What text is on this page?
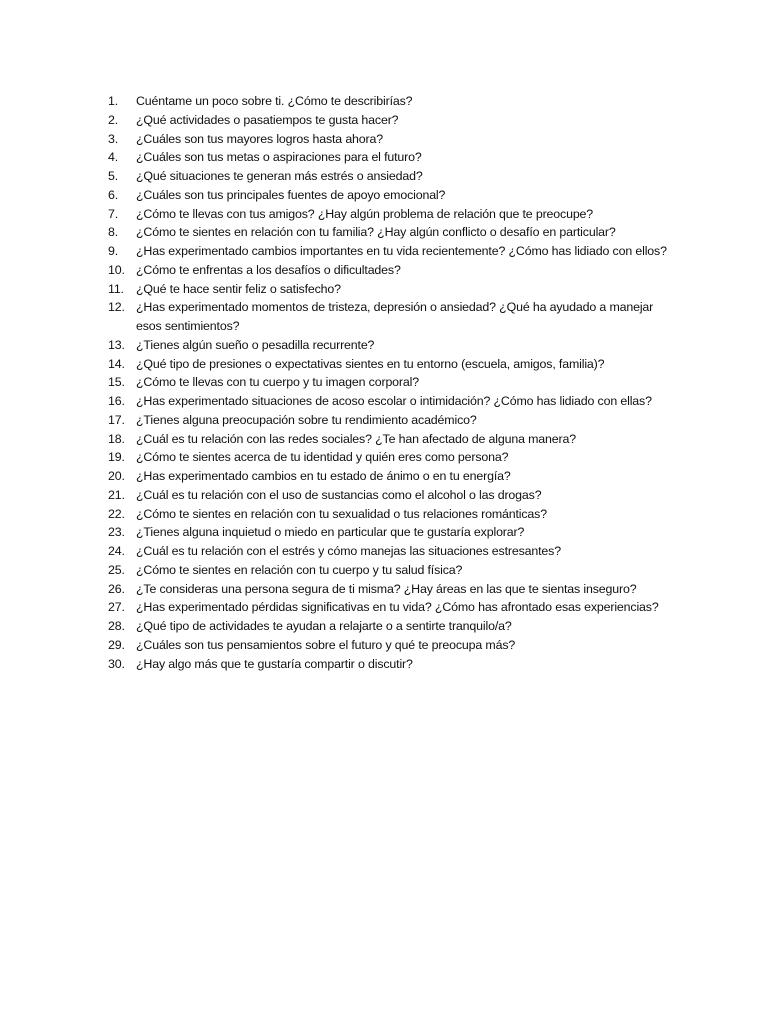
1.	Cuéntame un poco sobre ti. ¿Cómo te describirías?
2.	¿Qué actividades o pasatiempos te gusta hacer?
3.	¿Cuáles son tus mayores logros hasta ahora?
4.	¿Cuáles son tus metas o aspiraciones para el futuro?
5.	¿Qué situaciones te generan más estrés o ansiedad?
6.	¿Cuáles son tus principales fuentes de apoyo emocional?
7.	¿Cómo te llevas con tus amigos? ¿Hay algún problema de relación que te preocupe?
8.	¿Cómo te sientes en relación con tu familia? ¿Hay algún conflicto o desafío en particular?
9.	¿Has experimentado cambios importantes en tu vida recientemente? ¿Cómo has lidiado con ellos?
10. ¿Cómo te enfrentas a los desafíos o dificultades?
11. ¿Qué te hace sentir feliz o satisfecho?
12. ¿Has experimentado momentos de tristeza, depresión o ansiedad? ¿Qué ha ayudado a manejar esos sentimientos?
13. ¿Tienes algún sueño o pesadilla recurrente?
14. ¿Qué tipo de presiones o expectativas sientes en tu entorno (escuela, amigos, familia)?
15. ¿Cómo te llevas con tu cuerpo y tu imagen corporal?
16. ¿Has experimentado situaciones de acoso escolar o intimidación? ¿Cómo has lidiado con ellas?
17. ¿Tienes alguna preocupación sobre tu rendimiento académico?
18. ¿Cuál es tu relación con las redes sociales? ¿Te han afectado de alguna manera?
19. ¿Cómo te sientes acerca de tu identidad y quién eres como persona?
20. ¿Has experimentado cambios en tu estado de ánimo o en tu energía?
21. ¿Cuál es tu relación con el uso de sustancias como el alcohol o las drogas?
22. ¿Cómo te sientes en relación con tu sexualidad o tus relaciones románticas?
23. ¿Tienes alguna inquietud o miedo en particular que te gustaría explorar?
24. ¿Cuál es tu relación con el estrés y cómo manejas las situaciones estresantes?
25. ¿Cómo te sientes en relación con tu cuerpo y tu salud física?
26. ¿Te consideras una persona segura de ti misma? ¿Hay áreas en las que te sientas inseguro?
27. ¿Has experimentado pérdidas significativas en tu vida? ¿Cómo has afrontado esas experiencias?
28. ¿Qué tipo de actividades te ayudan a relajarte o a sentirte tranquilo/a?
29. ¿Cuáles son tus pensamientos sobre el futuro y qué te preocupa más?
30. ¿Hay algo más que te gustaría compartir o discutir?
